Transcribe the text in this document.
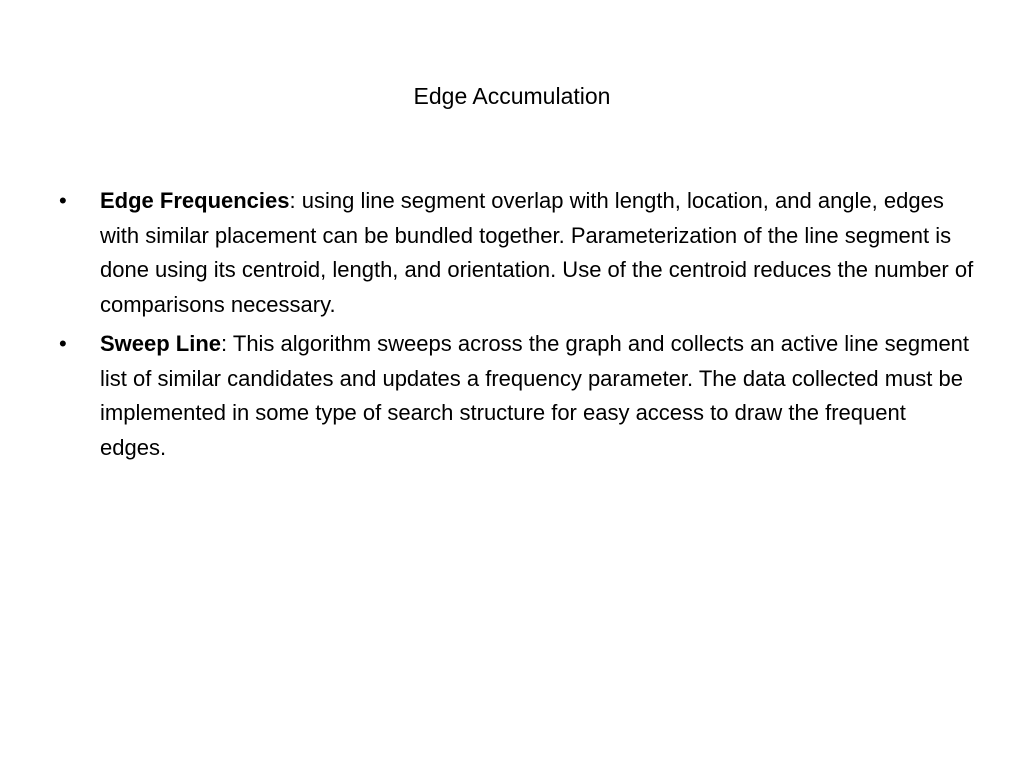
Edge Accumulation
• Edge Frequencies: using line segment overlap with length, location, and angle, edges with similar placement can be bundled together. Parameterization of the line segment is done using its centroid, length, and orientation. Use of the centroid reduces the number of comparisons necessary.
• Sweep Line: This algorithm sweeps across the graph and collects an active line segment list of similar candidates and updates a frequency parameter. The data collected must be implemented in some type of search structure for easy access to draw the frequent edges.
